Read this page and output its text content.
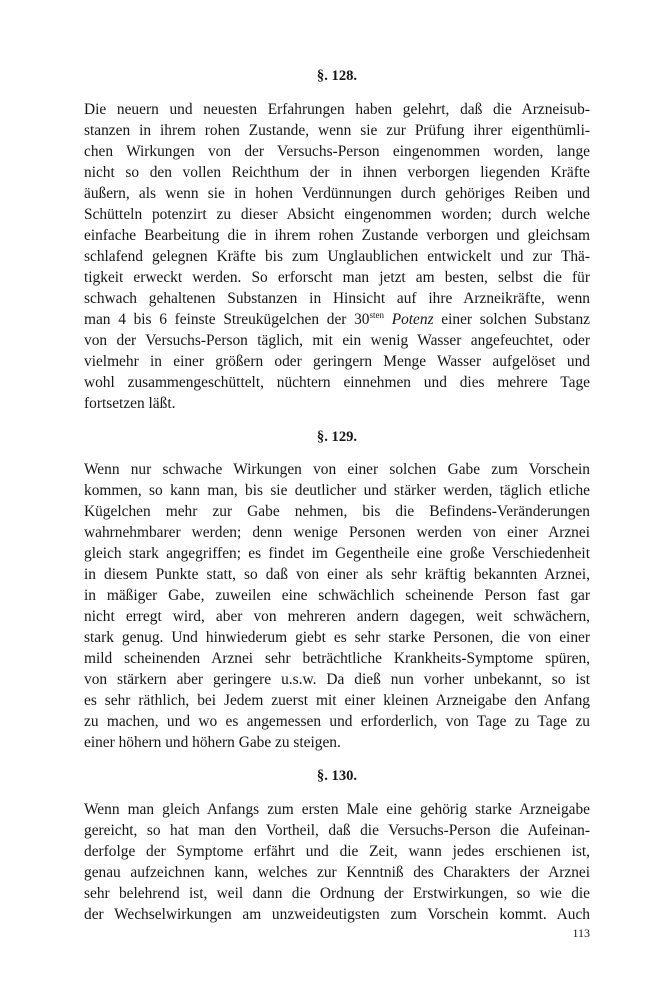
§. 128.
Die neuern und neuesten Erfahrungen haben gelehrt, daß die Arzneisub-
stanzen in ihrem rohen Zustande, wenn sie zur Prüfung ihrer eigenthümli-
chen Wirkungen von der Versuchs-Person eingenommen worden, lange
nicht so den vollen Reichthum der in ihnen verborgen liegenden Kräfte
äußern, als wenn sie in hohen Verdünnungen durch gehöriges Reiben und
Schütteln potenzirt zu dieser Absicht eingenommen worden; durch welche
einfache Bearbeitung die in ihrem rohen Zustande verborgen und gleichsam
schlafend gelegnen Kräfte bis zum Unglaublichen entwickelt und zur Thä-
tigkeit erweckt werden. So erforscht man jetzt am besten, selbst die für
schwach gehaltenen Substanzen in Hinsicht auf ihre Arzneikräfte, wenn
man 4 bis 6 feinste Streukügelchen der $30^{sten}$ Potenz einer solchen Substanz
von der Versuchs-Person täglich, mit ein wenig Wasser angefeuchtet, oder
vielmehr in einer größern oder geringern Menge Wasser aufgelöset und
wohl zusammengeschüttelt, nüchtern einnehmen und dies mehrere Tage
fortsetzen läßt.
§. 129.
Wenn nur schwache Wirkungen von einer solchen Gabe zum Vorschein
kommen, so kann man, bis sie deutlicher und stärker werden, täglich etliche
Kügelchen mehr zur Gabe nehmen, bis die Befindens-Veränderungen
wahrnehmbarer werden; denn wenige Personen werden von einer Arznei
gleich stark angegriffen; es findet im Gegentheile eine große Verschiedenheit
in diesem Punkte statt, so daß von einer als sehr kräftig bekannten Arznei,
in mäßiger Gabe, zuweilen eine schwächlich scheinende Person fast gar
nicht erregt wird, aber von mehreren andern dagegen, weit schwächern,
stark genug. Und hinwiederum giebt es sehr starke Personen, die von einer
mild scheinenden Arznei sehr beträchtliche Krankheits-Symptome spüren,
von stärkern aber geringere u.s.w. Da dieß nun vorher unbekannt, so ist
es sehr räthlich, bei Jedem zuerst mit einer kleinen Arzneigabe den Anfang
zu machen, und wo es angemessen und erforderlich, von Tage zu Tage zu
einer höhern und höhern Gabe zu steigen.
§. 130.
Wenn man gleich Anfangs zum ersten Male eine gehörig starke Arzneigabe
gereicht, so hat man den Vortheil, daß die Versuchs-Person die Aufeinan-
derfolge der Symptome erfährt und die Zeit, wann jedes erschienen ist,
genau aufzeichnen kann, welches zur Kenntniß des Charakters der Arznei
sehr belehrend ist, weil dann die Ordnung der Erstwirkungen, so wie die
der Wechselwirkungen am unzweideutigsten zum Vorschein kommt. Auch
113
